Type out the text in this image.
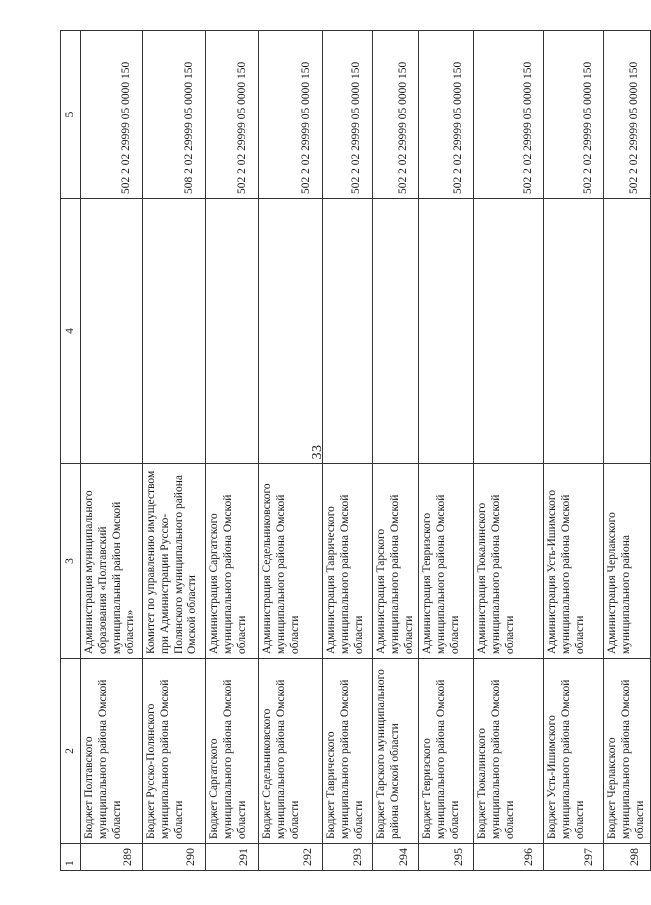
33
1	2	3	4	5
289	Бюджет Полтавского муниципального района Омской области	Администрация муниципального образования «Полтавский муниципальный район Омской области»		502 2 02 29999 05 0000 150
290	Бюджет Русско-Полянского муниципального района Омской области	Комитет по управлению имуществом при Администрации Русско-Полянского муниципального района Омской области		508 2 02 29999 05 0000 150
291	Бюджет Саргатского муниципального района Омской области	Администрация Саргатского муниципального района Омской области		502 2 02 29999 05 0000 150
292	Бюджет Седельниковского муниципального района Омской области	Администрация Седельниковского муниципального района Омской области		502 2 02 29999 05 0000 150
293	Бюджет Таврического муниципального района Омской области	Администрация Таврического муниципального района Омской области		502 2 02 29999 05 0000 150
294	Бюджет Тарского муниципального района Омской области	Администрация Тарского муниципального района Омской области		502 2 02 29999 05 0000 150
295	Бюджет Тевризского муниципального района Омской области	Администрация Тевризского муниципального района Омской области		502 2 02 29999 05 0000 150
296	Бюджет Тюкалинского муниципального района Омской области	Администрация Тюкалинского муниципального района Омской области		502 2 02 29999 05 0000 150
297	Бюджет Усть-Ишимского муниципального района Омской области	Администрация Усть-Ишимского муниципального района Омской области		502 2 02 29999 05 0000 150
298	Бюджет Черлакского муниципального района Омской области	Администрация Черлакского муниципального района		502 2 02 29999 05 0000 150
